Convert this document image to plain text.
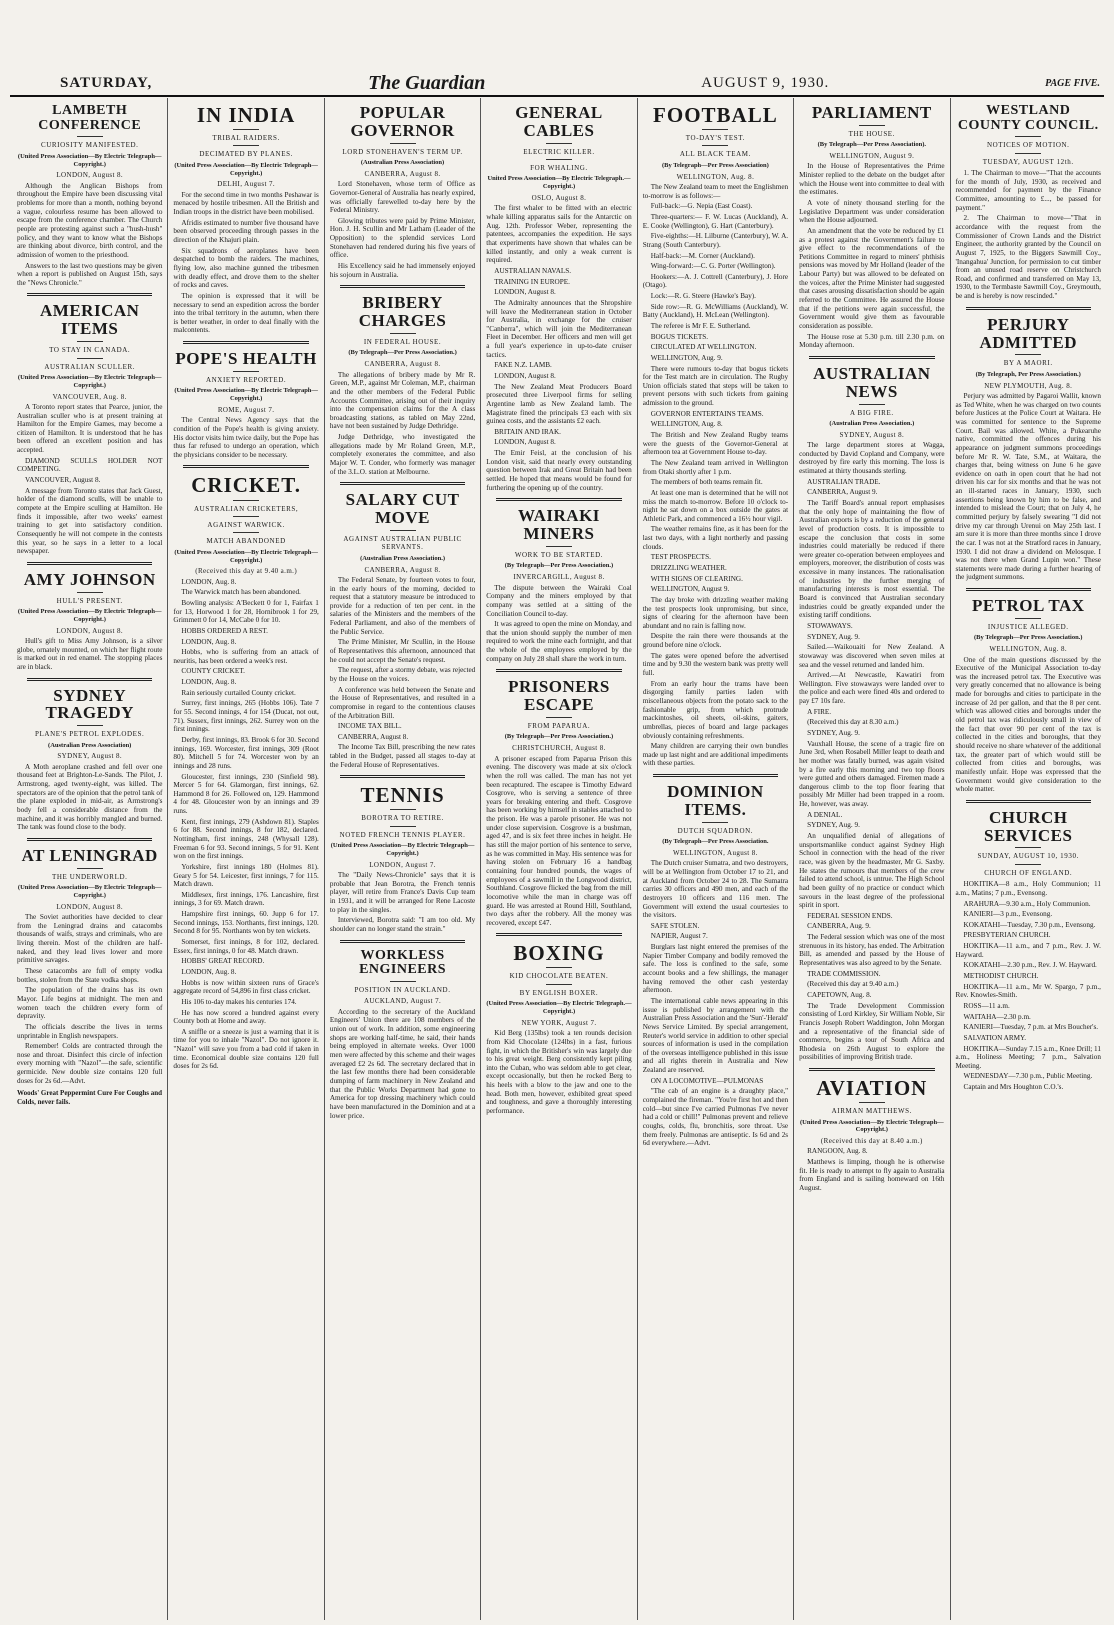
SATURDAY,	The Guardian	AUGUST 9, 1930.	PAGE FIVE.
LAMBETH CONFERENCE
CURIOSITY MANIFESTED.
(United Press Association—By Electric Telegraph—Copyright.)
LONDON, August 8.

Although the Anglican Bishops from throughout the Empire have been discussing vital problems for more than a month, nothing beyond a vague, colourless resume has been allowed to escape from the conference chamber. The Church people are protesting against such a "hush-hush" policy, and they want to know what the Bishops are thinking about divorce, birth control, and the admission of women to the priesthood.

Answers to the last two questions may be given when a report is published on August 15th, says the "News Chronicle."

AMERICAN ITEMS
TO STAY IN CANADA.
AUSTRALIAN SCULLER.
(United Press Association—By Electric Telegraph—Copyright.)
VANCOUVER, Aug. 8.

A Toronto report states that Pearce, junior, the Australian sculler who is at present training at Hamilton for the Empire Games, may become a citizen of Hamilton. It is understood that he has been offered an excellent position and has accepted.

DIAMOND SCULLS HOLDER NOT COMPETING.

VANCOUVER, August 8.

A message from Toronto states that Jack Guest, holder of the diamond sculls, will be unable to compete at the Empire sculling at Hamilton. He finds it impossible, after two weeks' earnest training to get into satisfactory condition. Consequently he will not compete in the contests this year, so he says in a letter to a local newspaper.

AMY JOHNSON
HULL'S PRESENT.
(United Press Association—By Electric Telegraph—Copyright.)
LONDON, August 8.

Hull's gift to Miss Amy Johnson, is a silver globe, ornately mounted, on which her flight route is marked out in red enamel. The stopping places are in black.

SYDNEY TRAGEDY
PLANE'S PETROL EXPLODES.
(Australian Press Association)
SYDNEY, August 8.

A Moth aeroplane crashed and fell over one thousand feet at Brighton-Le-Sands. The Pilot, J. Armstrong, aged twenty-eight, was killed. The spectators are of the opinion that the petrol tank of the plane exploded in mid-air, as Armstrong's body fell a considerable distance from the machine, and it was horribly mangled and burned. The tank was found close to the body.

AT LENINGRAD
THE UNDERWORLD.
(United Press Association—By Electric Telegraph—Copyright.)
LONDON, August 8.

The Soviet authorities have decided to clear from the Leningrad drains and catacombs thousands of waifs, strays and criminals, who are living therein. Most of the children are half-naked, and they lead lives lower and more primitive savages.

These catacombs are full of empty vodka bottles, stolen from the State vodka shops.

The population of the drains has its own Mayor. Life begins at midnight. The men and women teach the children every form of depravity.

The officials describe the lives in terms unprintable in English newspapers.

Remember! Colds are contracted through the nose and throat. Disinfect this circle of infection every morning with "Nazol"—the safe, scientific germicide. New double size contains 120 full doses for 2s 6d.—Advt.

Woods' Great Peppermint Cure For Coughs and Colds, never fails.
IN INDIA
TRIBAL RAIDERS.
DECIMATED BY PLANES.
(United Press Association—By Electric Telegraph—Copyright.)
DELHI, August 7.

For the second time in two months Peshawar is menaced by hostile tribesmen. All the British and Indian troops in the district have been mobilised.

Afridis estimated to number five thousand have been observed proceeding through passes in the direction of the Khajuri plain.

Six squadrons of aeroplanes have been despatched to bomb the raiders. The machines, flying low, also machine gunned the tribesmen with deadly effect, and drove them to the shelter of rocks and caves.

The opinion is expressed that it will be necessary to send an expedition across the border into the tribal territory in the autumn, when there is better weather, in order to deal finally with the malcontents.

POPE'S HEALTH
ANXIETY REPORTED.
(United Press Association—By Electric Telegraph—Copyright.)
ROME, August 7.

The Central News Agency says that the condition of the Pope's health is giving anxiety. His doctor visits him twice daily, but the Pope has thus far refused to undergo an operation, which the physicians consider to be necessary.

CRICKET.
AUSTRALIAN CRICKETERS,
AGAINST WARWICK.
MATCH ABANDONED
(United Press Association—By Electric Telegraph—Copyright.)
(Received this day at 9.40 a.m.)

LONDON, Aug. 8.

The Warwick match has been abandoned.

Bowling analysis: A'Beckett 0 for 1, Fairfax 1 for 13, Horwood 1 for 28, Hornibrook 1 for 29, Grimmett 0 for 14, McCabe 0 for 10.

HOBBS ORDERED A REST.

LONDON, Aug. 8.

Hobbs, who is suffering from an attack of neuritis, has been ordered a week's rest.

COUNTY CRICKET.

LONDON, Aug. 8.

Rain seriously curtailed County cricket.

Surrey, first innings, 265 (Hobbs 106). Tate 7 for 55. Second innings, 4 for 154 (Ducat, not out, 71). Sussex, first innings, 262. Surrey won on the first innings.

Derby, first innings, 83. Brook 6 for 30. Second innings, 169. Worcester, first innings, 309 (Root 80). Mitchell 5 for 74. Worcester won by an innings and 28 runs.

Gloucester, first innings, 230 (Sinfield 98). Mercer 5 for 64. Glamorgan, first innings, 62. Hammond 8 for 26. Followed on, 129. Hammond 4 for 48. Gloucester won by an innings and 39 runs.

Kent, first innings, 279 (Ashdown 81). Staples 6 for 88. Second innings, 8 for 182, declared. Nottingham, first innings, 248 (Whysall 128). Freeman 6 for 93. Second innings, 5 for 91. Kent won on the first innings.

Yorkshire, first innings 180 (Holmes 81). Geary 5 for 54. Leicester, first innings, 7 for 115. Match drawn.

Middlesex, first innings, 176. Lancashire, first innings, 3 for 69. Match drawn.

Hampshire first innings, 60. Jupp 6 for 17. Second innings, 153. Northants, first innings, 120. Second 8 for 95. Northants won by ten wickets.

Somerset, first innings, 8 for 102, declared. Essex, first innings, 0 for 48. Match drawn.

HOBBS' GREAT RECORD.

LONDON, Aug. 8.

Hobbs is now within sixteen runs of Grace's aggregate record of 54,896 in first class cricket.

His 106 to-day makes his centuries 174.

He has now scored a hundred against every County both at Home and away.

A sniffle or a sneeze is just a warning that it is time for you to inhale "Nazol". Do not ignore it. "Nazol" will save you from a bad cold if taken in time. Economical double size contains 120 full doses for 2s 6d.

POPULAR GOVERNOR
LORD STONEHAVEN'S TERM UP.
(Australian Press Association)
CANBERRA, August 8.

Lord Stonehaven, whose term of Office as Governor-General of Australia has nearly expired, was officially farewelled to-day here by the Federal Ministry.

Glowing tributes were paid by Prime Minister, Hon. J. H. Scullin and Mr Latham (Leader of the Opposition) to the splendid services Lord Stonehaven had rendered during his five years of office.

His Excellency said he had immensely enjoyed his sojourn in Australia.

BRIBERY CHARGES
IN FEDERAL HOUSE.
(By Telegraph—Per Press Association.)
CANBERRA, August 8.

The allegations of bribery made by Mr R. Green, M.P., against Mr Coleman, M.P., chairman and the other members of the Federal Public Accounts Committee, arising out of their inquiry into the compensation claims for the A class broadcasting stations, as tabled on May 22nd, have not been sustained by Judge Dethridge.

Judge Dethridge, who investigated the allegations made by Mr Roland Green, M.P., completely exonerates the committee, and also Major W. T. Conder, who formerly was manager of the 3.L.O. station at Melbourne.

SALARY CUT MOVE
AGAINST AUSTRALIAN PUBLIC SERVANTS.
(Australian Press Association.)
CANBERRA, August 8.

The Federal Senate, by fourteen votes to four, in the early hours of the morning, decided to request that a statutory measure be introduced to provide for a reduction of ten per cent. in the salaries of the Ministers and the members of the Federal Parliament, and also of the members of the Public Service.

The Prime Minister, Mr Scullin, in the House of Representatives this afternoon, announced that he could not accept the Senate's request.

The request, after a stormy debate, was rejected by the House on the voices.

A conference was held between the Senate and the House of Representatives, and resulted in a compromise in regard to the contentious clauses of the Arbitration Bill.

INCOME TAX BILL.

CANBERRA, August 8.

The Income Tax Bill, prescribing the new rates tabled in the Budget, passed all stages to-day at the Federal House of Representatives.

TENNIS
BOROTRA TO RETIRE.
NOTED FRENCH TENNIS PLAYER.
(United Press Association—By Electric Telegraph—Copyright.)
LONDON, August 7.

The "Daily News-Chronicle" says that it is probable that Jean Borotra, the French tennis player, will retire from France's Davis Cup team in 1931, and it will be arranged for Rene Lacoste to play in the singles.

Interviewed, Borotra said: "I am too old. My shoulder can no longer stand the strain."

WORKLESS ENGINEERS
POSITION IN AUCKLAND.
AUCKLAND, August 7.

According to the secretary of the Auckland Engineers' Union there are 108 members of the union out of work. In addition, some engineering shops are working half-time, he said, their hands being employed in alternate weeks. Over 1000 men were affected by this scheme and their wages averaged £2 2s 6d. The secretary declared that in the last few months there had been considerable dumping of farm machinery in New Zealand and that the Public Works Department had gone to America for top dressing machinery which could have been manufactured in the Dominion and at a lower price.

GENERAL CABLES
ELECTRIC KILLER.
FOR WHALING.
United Press Association—By Electric Telegraph.—Copyright.)
OSLO, August 8.

The first whaler to be fitted with an electric whale killing apparatus sails for the Antarctic on Aug. 12th. Professor Weber, representing the patentees, accompanies the expedition. He says that experiments have shown that whales can be killed instantly, and only a weak current is required.

AUSTRALIAN NAVALS.

TRAINING IN EUROPE.

LONDON, August 8.

The Admiralty announces that the Shropshire will leave the Mediterranean station in October for Australia, in exchange for the cruiser "Canberra", which will join the Mediterranean Fleet in December. Her officers and men will get a full year's experience in up-to-date cruiser tactics.

FAKE N.Z. LAMB.

LONDON, August 8.

The New Zealand Meat Producers Board prosecuted three Liverpool firms for selling Argentine lamb as New Zealand lamb. The Magistrate fined the principals £3 each with six guinea costs, and the assistants £2 each.

BRITAIN AND IRAK.

LONDON, August 8.

The Emir Feisl, at the conclusion of his London visit, said that nearly every outstanding question between Irak and Great Britain had been settled. He hoped that means would be found for furthering the opening up of the country.

WAIRAKI MINERS
WORK TO BE STARTED.
(By Telegraph—Per Press Association.)
INVERCARGILL, August 8.

The dispute between the Wairaki Coal Company and the miners employed by that company was settled at a sitting of the Conciliation Council to-day.

It was agreed to open the mine on Monday, and that the union should supply the number of men required to work the mine each fortnight, and that the whole of the employees employed by the company on July 28 shall share the work in turn.

PRISONERS ESCAPE
FROM PAPARUA.
(By Telegraph—Per Press Association.)
CHRISTCHURCH, August 8.

A prisoner escaped from Paparua Prison this evening. The discovery was made at six o'clock when the roll was called. The man has not yet been recaptured. The escapee is Timothy Edward Cosgrove, who is serving a sentence of three years for breaking entering and theft. Cosgrove has been working by himself in stables attached to the prison. He was a parole prisoner. He was not under close supervision. Cosgrove is a bushman, aged 47, and is six feet three inches in height. He has still the major portion of his sentence to serve, as he was committed in May. His sentence was for having stolen on February 16 a handbag containing four hundred pounds, the wages of employees of a sawmill in the Longwood district, Southland. Cosgrove flicked the bag from the mill locomotive while the man in charge was off guard. He was arrested at Round Hill, Southland, two days after the robbery. All the money was recovered, except £47.

BOXING
KID CHOCOLATE BEATEN.
BY ENGLISH BOXER.
(United Press Association—By Electric Telegraph.—Copyright.)
NEW YORK, August 7.

Kid Berg (135lbs) took a ten rounds decision from Kid Chocolate (124lbs) in a fast, furious fight, in which the Britisher's win was largely due to his great weight. Berg consistently kept piling into the Cuban, who was seldom able to get clear, except occasionally, but then he rocked Berg to his heels with a blow to the jaw and one to the head. Both men, however, exhibited great speed and toughness, and gave a thoroughly interesting performance.

FOOTBALL
TO-DAY'S TEST.
ALL BLACK TEAM.
(By Telegraph—Per Press Association)
WELLINGTON, Aug. 8.

The New Zealand team to meet the Englishmen to-morrow is as follows:—

Full-back:—G. Nepia (East Coast).

Three-quarters:— F. W. Lucas (Auckland), A. E. Cooke (Wellington), G. Hart (Canterbury).

Five-eighths:—H. Lilburne (Canterbury), W. A. Strang (South Canterbury).

Half-back:—M. Corner (Auckland).

Wing-forward:—C. G. Porter (Wellington).

Hookers:—A. J. Cottrell (Canterbury), J. Hore (Otago).

Lock:—R. G. Steere (Hawke's Bay).

Side row:—R. G. McWilliams (Auckland), W. Batty (Auckland), H. McLean (Wellington).

The referee is Mr F. E. Sutherland.

BOGUS TICKETS.

CIRCULATED AT WELLINGTON.

WELLINGTON, Aug. 9.

There were rumours to-day that bogus tickets for the Test match are in circulation. The Rugby Union officials stated that steps will be taken to prevent persons with such tickets from gaining admission to the ground.

GOVERNOR ENTERTAINS TEAMS.

WELLINGTON, Aug. 8.

The British and New Zealand Rugby teams were the guests of the Governor-General at afternoon tea at Government House to-day.

The New Zealand team arrived in Wellington from Otaki shortly after 1 p.m.

The members of both teams remain fit.

At least one man is determined that he will not miss the match to-morrow. Before 10 o'clock to-night he sat down on a box outside the gates at Athletic Park, and commenced a 16½ hour vigil.

The weather remains fine, as it has been for the last two days, with a light northerly and passing clouds.

TEST PROSPECTS.

DRIZZLING WEATHER.

WITH SIGNS OF CLEARING.

WELLINGTON, August 9.

The day broke with drizzling weather making the test prospects look unpromising, but since, signs of clearing for the afternoon have been abundant and no rain is falling now.

Despite the rain there were thousands at the ground before nine o'clock.

The gates were opened before the advertised time and by 9.30 the western bank was pretty well full.

From an early hour the trams have been disgorging family parties laden with miscellaneous objects from the potato sack to the fashionable grip, from which protrude mackintoshes, oil sheets, oil-skins, gaiters, umbrellas, pieces of board and large packages obviously containing refreshments.

Many children are carrying their own bundles made up last night and are additional impediments with these parties.

DOMINION ITEMS.
DUTCH SQUADRON.
(By Telegraph—Per Press Association.
WELLINGTON, August 8.

The Dutch cruiser Sumatra, and two destroyers, will be at Wellington from October 17 to 21, and at Auckland from October 24 to 28. The Sumatra carries 30 officers and 490 men, and each of the destroyers 10 officers and 116 men. The Government will extend the usual courtesies to the visitors.

SAFE STOLEN.

NAPIER, August 7.

Burglars last night entered the premises of the Napier Timber Company and bodily removed the safe. The loss is confined to the safe, some account books and a few shillings, the manager having removed the other cash yesterday afternoon.

The international cable news appearing in this issue is published by arrangement with the Australian Press Association and the 'Sun'-'Herald' News Service Limited. By special arrangement, Reuter's world service in addition to other special sources of information is used in the compilation of the overseas intelligence published in this issue and all rights therein in Australia and New Zealand are reserved.

ON A LOCOMOTIVE—PULMONAS

"The cab of an engine is a draughty place," complained the fireman. "You're first hot and then cold—but since I've carried Pulmonas I've never had a cold or chill!" Pulmonas prevent and relieve coughs, colds, flu, bronchitis, sore throat. Use them freely. Pulmonas are antiseptic. Is 6d and 2s 6d everywhere.—Advt.

PARLIAMENT
THE HOUSE.
(By Telegraph—Per Press Association).
WELLINGTON, August 9.

In the House of Representatives the Prime Minister replied to the debate on the budget after which the House went into committee to deal with the estimates.

A vote of ninety thousand sterling for the Legislative Department was under consideration when the House adjourned.

An amendment that the vote be reduced by £1 as a protest against the Government's failure to give effect to the recommendations of the Petitions Committee in regard to miners' phthisis pensions was moved by Mr Holland (leader of the Labour Party) but was allowed to be defeated on the voices, after the Prime Minister had suggested that cases arousing dissatisfaction should be again referred to the Committee. He assured the House that if the petitions were again successful, the Government would give them as favourable consideration as possible.

The House rose at 5.30 p.m. till 2.30 p.m. on Monday afternoon.

AUSTRALIAN NEWS
A BIG FIRE.
(Australian Press Association.)
SYDNEY, August 8.

The large department stores at Wagga, conducted by David Copland and Company, were destroyed by fire early this morning. The loss is estimated at thirty thousands sterling.

AUSTRALIAN TRADE.

CANBERRA, August 9.

The Tariff Board's annual report emphasises that the only hope of maintaining the flow of Australian exports is by a reduction of the general level of production costs. It is impossible to escape the conclusion that costs in some industries could materially be reduced if there were greater co-operation between employees and employers, moreover, the distribution of costs was excessive in many instances. The rationalisation of industries by the further merging of manufacturing interests is most essential. The Board is convinced that Australian secondary industries could be greatly expanded under the existing tariff conditions.

STOWAWAYS.

SYDNEY, Aug. 9.

Sailed.—Waikouaiti for New Zealand. A stowaway was discovered when seven miles at sea and the vessel returned and landed him.

Arrived.—At Newcastle, Kawatiri from Wellington. Five stowaways were landed over to the police and each were fined 40s and ordered to pay £7 10s fare.

A FIRE.

(Received this day at 8.30 a.m.)

SYDNEY, Aug. 9.

Vauxhall House, the scene of a tragic fire on June 3rd, when Rosabell Miller leapt to death and her mother was fatally burned, was again visited by a fire early this morning and two top floors were gutted and others damaged. Firemen made a dangerous climb to the top floor fearing that possibly Mr Miller had been trapped in a room. He, however, was away.

A DENIAL.

SYDNEY, Aug. 9.

An unqualified denial of allegations of unsportsmanlike conduct against Sydney High School in connection with the head of the river race, was given by the headmaster, Mr G. Saxby. He states the rumours that members of the crew failed to attend school, is untrue. The High School had been guilty of no practice or conduct which savours in the least degree of the professional spirit in sport.

FEDERAL SESSION ENDS.

CANBERRA, Aug. 9.

The Federal session which was one of the most strenuous in its history, has ended. The Arbitration Bill, as amended and passed by the House of Representatives was also agreed to by the Senate.

TRADE COMMISSION.

(Received this day at 9.40 a.m.)

CAPETOWN, Aug. 8.

The Trade Development Commission consisting of Lord Kirkley, Sir William Noble, Sir Francis Joseph Robert Waddington, John Morgan and a representative of the financial side of commerce, begins a tour of South Africa and Rhodesia on 26th August to explore the possibilities of improving British trade.

AVIATION
AIRMAN MATTHEWS.
(United Press Association—By Electric Telegraph—Copyright.)
(Received this day at 8.40 a.m.)

RANGOON, Aug. 8.

Matthews is limping, though he is otherwise fit. He is ready to attempt to fly again to Australia from England and is sailing homeward on 16th August.

WESTLAND COUNTY COUNCIL.
NOTICES OF MOTION.
TUESDAY, AUGUST 12th.

1. The Chairman to move—"That the accounts for the month of July, 1930, as received and recommended for payment by the Finance Committee, amounting to £..., be passed for payment."

2. The Chairman to move—"That in accordance with the request from the Commissioner of Crown Lands and the District Engineer, the authority granted by the Council on August 7, 1925, to the Biggers Sawmill Coy., 'Inangahua' Junction, for permission to cut timber from an unused road reserve on Christchurch Road, and confirmed and transferred on May 13, 1930, to the Termbaste Sawmill Coy., Greymouth, be and is hereby is now rescinded."

PERJURY ADMITTED
BY A MAORI.
(By Telegraph, Per Press Association.)
NEW PLYMOUTH, Aug. 8.

Perjury was admitted by Pagaroi Wallit, known as Ted White, when he was charged on two counts before Justices at the Police Court at Waitara. He was committed for sentence to the Supreme Court. Bail was allowed. White, a Pukearuhe native, committed the offences during his appearance on judgment summons proceedings before Mr R. W. Tate, S.M., at Waitara, the charges that, being witness on June 6 he gave evidence on oath in open court that he had not driven his car for six months and that he was not an ill-started races in January, 1930, such assertions being known by him to be false, and intended to mislead the Court; that on July 4, he committed perjury by falsely swearing "I did not drive my car through Urenui on May 25th last. I am sure it is more than three months since I drove the car. I was not at the Stratford races in January, 1930. I did not draw a dividend on Melosque. I was not there when Grand Lupin won." These statements were made during a further hearing of the judgment summons.

PETROL TAX
INJUSTICE ALLEGED.
(By Telegraph—Per Press Association.)
WELLINGTON, Aug. 8.

One of the main questions discussed by the Executive of the Municipal Association to-day was the increased petrol tax. The Executive was very greatly concerned that no allowance is being made for boroughs and cities to participate in the increase of 2d per gallon, and that the 8 per cent. which was allowed cities and boroughs under the old petrol tax was ridiculously small in view of the fact that over 90 per cent of the tax is collected in the cities and boroughs, that they should receive no share whatever of the additional tax, the greater part of which would still be collected from cities and boroughs, was manifestly unfair. Hope was expressed that the Government would give consideration to the whole matter.

CHURCH SERVICES
SUNDAY, AUGUST 10, 1930.
CHURCH OF ENGLAND.

HOKITIKA—8 a.m., Holy Communion; 11 a.m., Matins; 7 p.m., Evensong.

ARAHURA—9.30 a.m., Holy Communion.

KANIERI—3 p.m., Evensong.

KOKATAHI—Tuesday, 7.30 p.m., Evensong.

PRESBYTERIAN CHURCH.

HOKITIKA—11 a.m., and 7 p.m., Rev. J. W. Hayward.

KOKATAHI—2.30 p.m., Rev. J. W. Hayward.

METHODIST CHURCH.

HOKITIKA—11 a.m., Mr W. Spargo, 7 p.m., Rev. Knowles-Smith.

ROSS—11 a.m.

WAITAHA—2.30 p.m.

KANIERI—Tuesday, 7 p.m. at Mrs Boucher's.

SALVATION ARMY.

HOKITIKA—Sunday 7.15 a.m., Knee Drill; 11 a.m., Holiness Meeting; 7 p.m., Salvation Meeting.

WEDNESDAY—7.30 p.m., Public Meeting.

Captain and Mrs Houghton C.O.'s.
